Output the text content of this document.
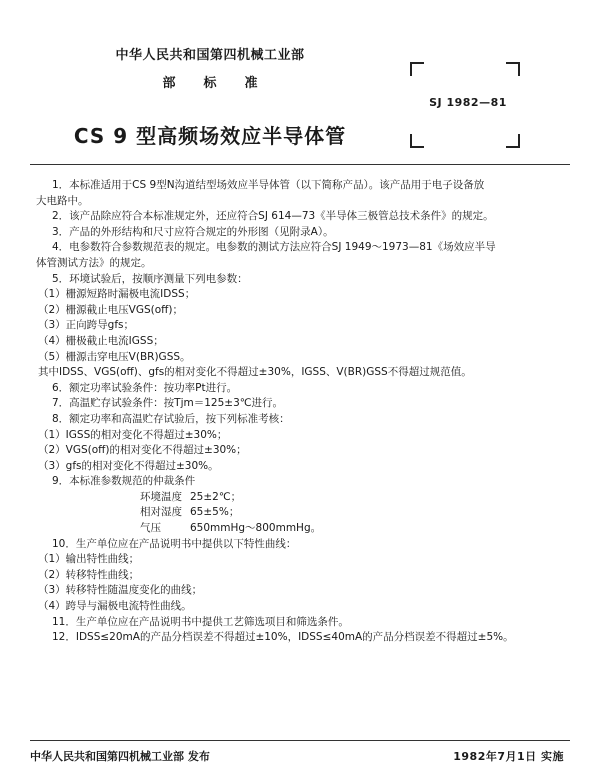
中华人民共和国第四机械工业部
部 标 准
CS 9 型高频场效应半导体管
SJ 1982—81
1．本标准适用于CS 9型N沟道结型场效应半导体管（以下简称产品）。该产品用于电子设备放
大电路中。
2．该产品除应符合本标准规定外，还应符合SJ 614—73《半导体三极管总技术条件》的规定。
3．产品的外形结构和尺寸应符合规定的外形图（见附录A）。
4．电参数符合参数规范表的规定。电参数的测试方法应符合SJ 1949～1973—81《场效应半导
体管测试方法》的规定。
5．环境试验后，按顺序测量下列电参数：
（1）栅源短路时漏极电流IDSS；
（2）栅源截止电压VGS(off)；
（3）正向跨导gfs；
（4）栅极截止电流IGSS；
（5）栅源击穿电压V(BR)GSS。
其中IDSS、VGS(off)、gfs的相对变化不得超过±30%，IGSS、V(BR)GSS不得超过规范值。
6．额定功率试验条件：按功率Pt进行。
7．高温贮存试验条件：按Tjm＝125±3℃进行。
8．额定功率和高温贮存试验后，按下列标准考核：
（1）IGSS的相对变化不得超过±30%；
（2）VGS(off)的相对变化不得超过±30%；
（3）gfs的相对变化不得超过±30%。
9．本标准参数规范的仲裁条件
环境温度 25±2℃；
相对湿度 65±5%；
气压	650mmHg～800mmHg。
10．生产单位应在产品说明书中提供以下特性曲线：
（1）输出特性曲线；
（2）转移特性曲线；
（3）转移特性随温度变化的曲线；
（4）跨导与漏极电流特性曲线。
11．生产单位应在产品说明书中提供工艺筛选项目和筛选条件。
12．IDSS≤20mA的产品分档误差不得超过±10%，IDSS≤40mA的产品分档误差不得超过±5%。
中华人民共和国第四机械工业部 发布	1982年7月1日 实施
